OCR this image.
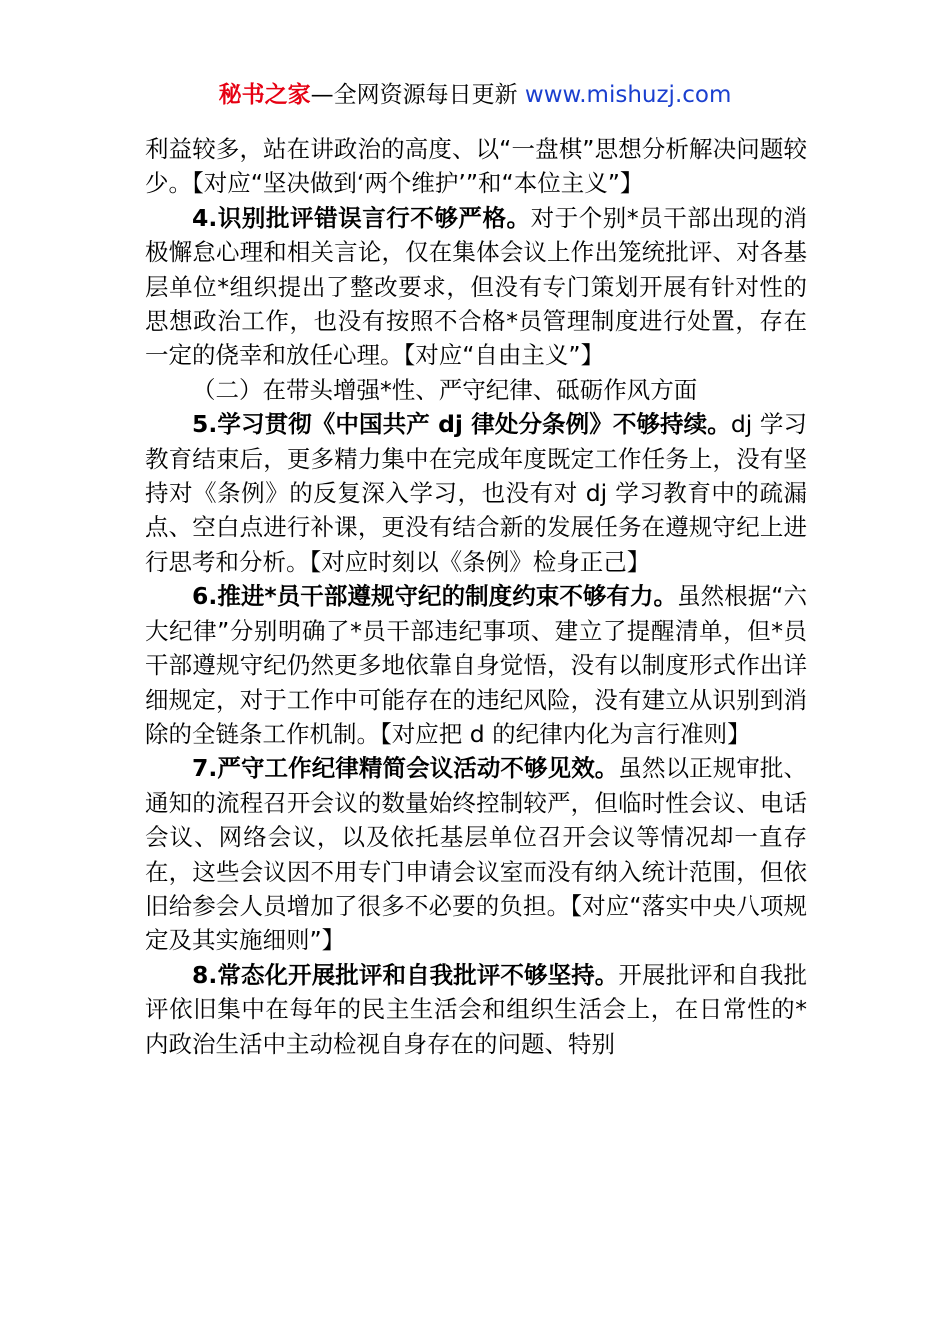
秘书之家—全网资源每日更新 www.mishuzj.com

利益较多，站在讲政治的高度、以“一盘棋”思想分析解决问题较少。【对应“坚决做到‘两个维护’”和“本位主义”】

4.识别批评错误言行不够严格。对于个别*员干部出现的消极懈怠心理和相关言论，仅在集体会议上作出笼统批评、对各基层单位*组织提出了整改要求，但没有专门策划开展有针对性的思想政治工作，也没有按照不合格*员管理制度进行处置，存在一定的侥幸和放任心理。【对应“自由主义”】

（二）在带头增强*性、严守纪律、砥砺作风方面

5.学习贯彻《中国共产 dj 律处分条例》不够持续。dj 学习教育结束后，更多精力集中在完成年度既定工作任务上，没有坚持对《条例》的反复深入学习，也没有对 dj 学习教育中的疏漏点、空白点进行补课，更没有结合新的发展任务在遵规守纪上进行思考和分析。【对应时刻以《条例》检身正己】

6.推进*员干部遵规守纪的制度约束不够有力。虽然根据“六大纪律”分别明确了*员干部违纪事项、建立了提醒清单，但*员干部遵规守纪仍然更多地依靠自身觉悟，没有以制度形式作出详细规定，对于工作中可能存在的违纪风险，没有建立从识别到消除的全链条工作机制。【对应把 d 的纪律内化为言行准则】

7.严守工作纪律精简会议活动不够见效。虽然以正规审批、通知的流程召开会议的数量始终控制较严，但临时性会议、电话会议、网络会议，以及依托基层单位召开会议等情况却一直存在，这些会议因不用专门申请会议室而没有纳入统计范围，但依旧给参会人员增加了很多不必要的负担。【对应“落实中央八项规定及其实施细则”】

8.常态化开展批评和自我批评不够坚持。开展批评和自我批评依旧集中在每年的民主生活会和组织生活会上，在日常性的*内政治生活中主动检视自身存在的问题、特别
